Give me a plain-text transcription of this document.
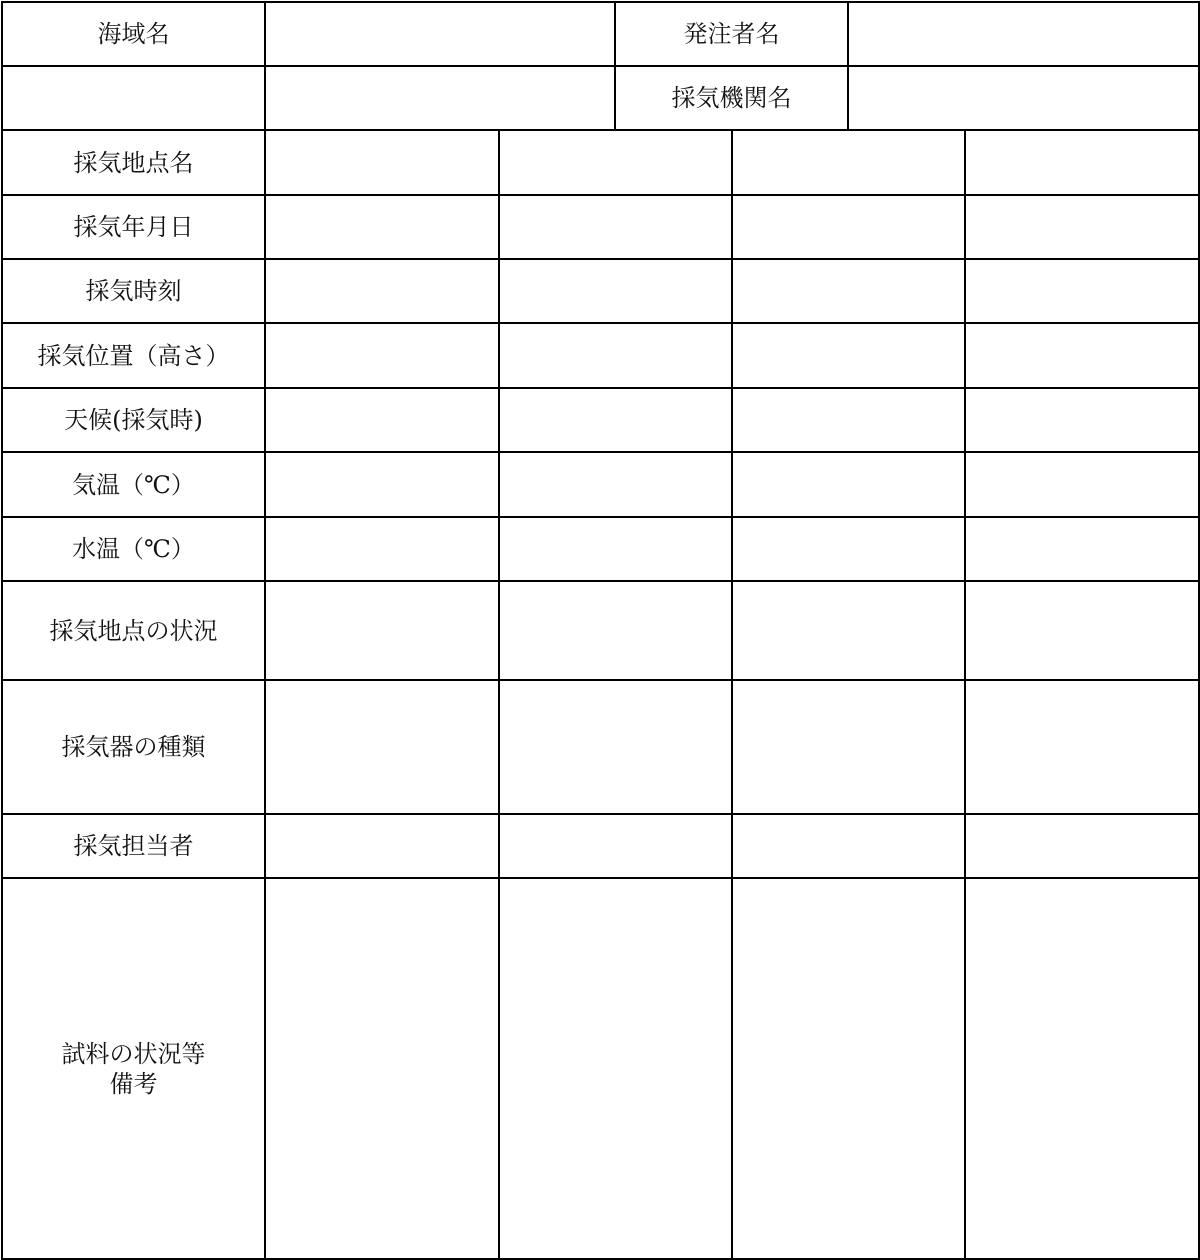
海域名			発注者名			
			採気機関名			
採気地点名						
採気年月日						
採気時刻						
採気位置（高さ）						
天候(採気時)						
気温（℃）						
水温（℃）						
採気地点の状況						
採気器の種類						
採気担当者						

試料の状況等
備考						
